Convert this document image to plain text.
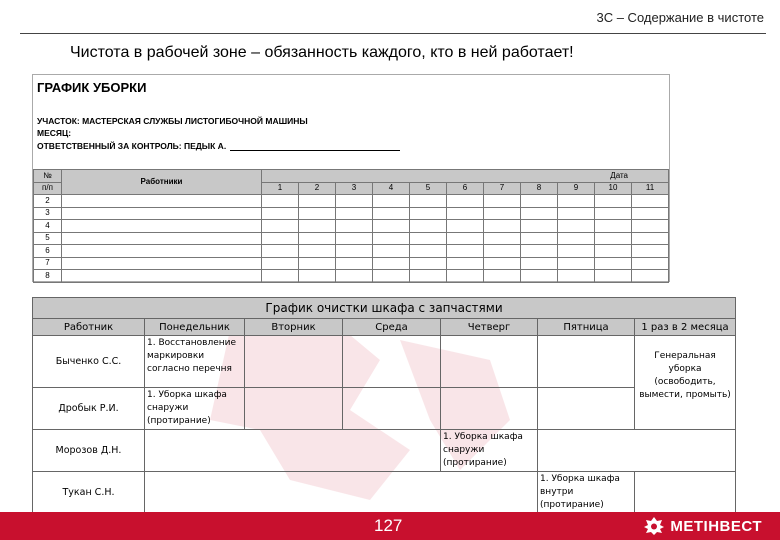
3C – Содержание в чистоте
Чистота в рабочей зоне – обязанность каждого, кто в ней работает!
ГРАФИК УБОРКИ
УЧАСТОК: МАСТЕРСКАЯ СЛУЖБЫ ЛИСТОГИБОЧНОЙ МАШИНЫ
МЕСЯЦ:
ОТВЕТСТВЕННЫЙ ЗА КОНТРОЛЬ: ПЕДЫК А.
№	Работники	Дата										
п/п		1	2	3	4	5	6	7	8	9	10	11
2												
3												
4												
5												
6												
7												
8												
График очистки шкафа с запчастями						
Работник	Понедельник	Вторник	Среда	Четверг	Пятница	1 раз в 2 месяца
Быченко С.С.	1. Восстановление маркировки согласно перечня					Генеральная уборка (освободить, вымести, промыть)
Дробык Р.И.	1. Уборка шкафа снаружи (протирание)					
Морозов Д.Н.				1. Уборка шкафа снаружи (протирание)		
Тукан С.Н.					1. Уборка шкафа внутри (протирание)	
127	МЕТІНВЕСТ
